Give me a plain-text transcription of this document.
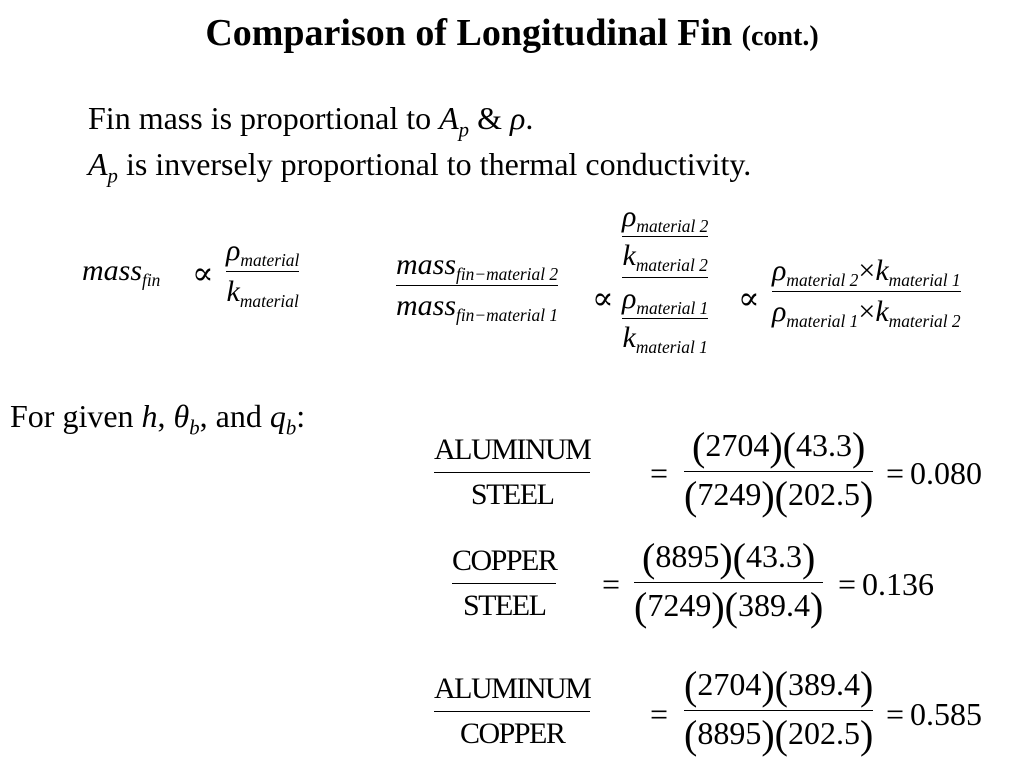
Comparison of Longitudinal Fin (cont.)
Fin mass is proportional to $A_p$ & ρ.
$A_p$ is inversely proportional to thermal conductivity.
mass$_{fin}$ ∝
$\rho_{material}$
$k_{material}$
mass$_{fin-material 2}$
mass$_{fin-material 1}$ ∝
$\frac{\rho_{material 2}}{k_{material 2}}$
$\frac{\rho_{material 1}}{k_{material 1}}$ ∝
$\rho_{material 2}\times k_{material 1}$
$\rho_{material 1}\times k_{material 2}$
For given h, $\theta_b$, and $q_b$:
ALUMINUM
STEEL
=
(2704)(43.3)
(7249)(202.5) = 0.080
COPPER
STEEL
=
(8895)(43.3)
(7249)(389.4) = 0.136
ALUMINUM
COPPER
=
(2704)(389.4)
(8895)(202.5) = 0.585
